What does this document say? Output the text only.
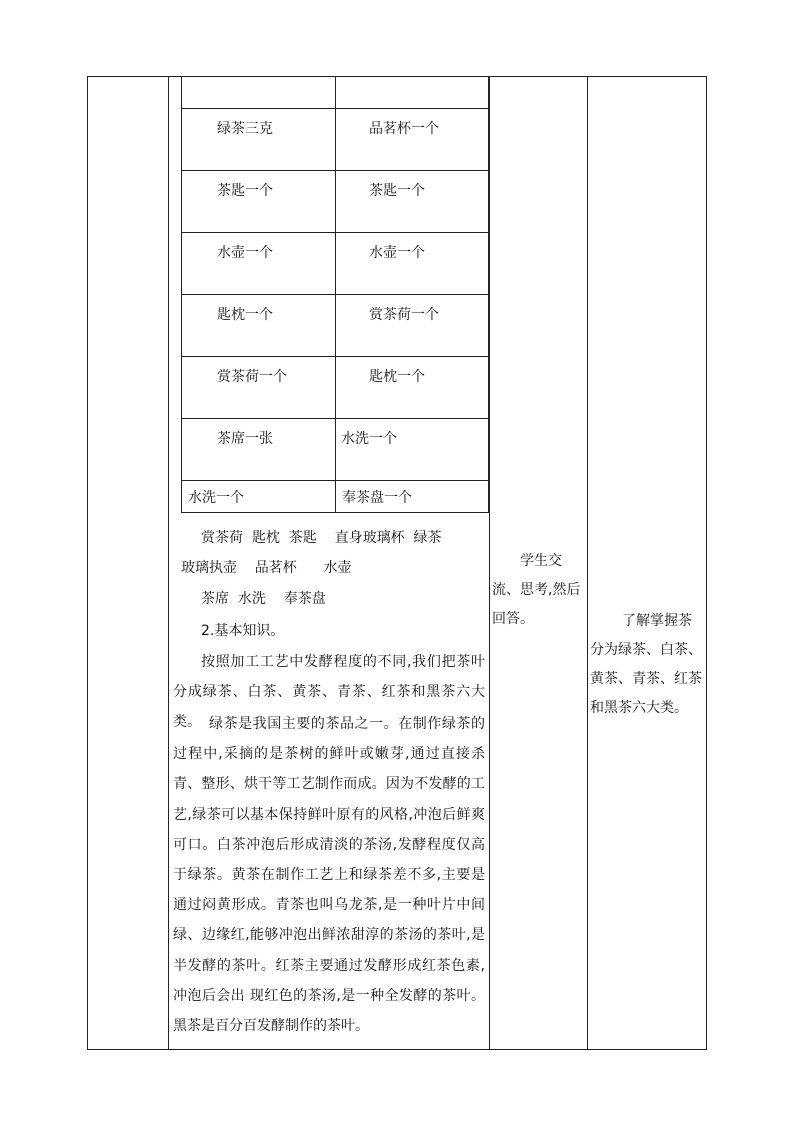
绿茶三克	品茗杯一个

茶匙一个	茶匙一个

水壶一个	水壶一个

匙枕一个	赏茶荷一个

赏茶荷一个	匙枕一个

茶席一张	水洗一个

水洗一个	奉茶盘一个
赏茶荷  匙枕  茶匙    直身玻璃杯  绿茶
玻璃执壶    品茗杯      水壶
茶席  水洗    奉茶盘
2.基本知识。
按照加工工艺中发酵程度的不同,我们把茶叶分成绿茶、白茶、黄茶、青茶、红茶和黑茶六大类。 绿茶是我国主要的茶品之一。在制作绿茶的过程中,采摘的是茶树的鲜叶或嫩芽,通过直接杀青、整形、烘干等工艺制作而成。因为不发酵的工艺,绿茶可以基本保持鲜叶原有的风格,冲泡后鲜爽可口。白茶冲泡后形成清淡的茶汤,发酵程度仅高于绿茶。黄茶在制作工艺上和绿茶差不多,主要是通过闷黄形成。青茶也叫乌龙茶,是一种叶片中间绿、边缘红,能够冲泡出鲜浓甜淳的茶汤的茶叶,是半发酵的茶叶。红茶主要通过发酵形成红茶色素,冲泡后会出 现红色的茶汤,是一种全发酵的茶叶。黑茶是百分百发酵制作的茶叶。
学生交流、思考,然后回答。	了解掌握茶分为绿茶、白茶、黄茶、青茶、红茶和黑茶六大类。
